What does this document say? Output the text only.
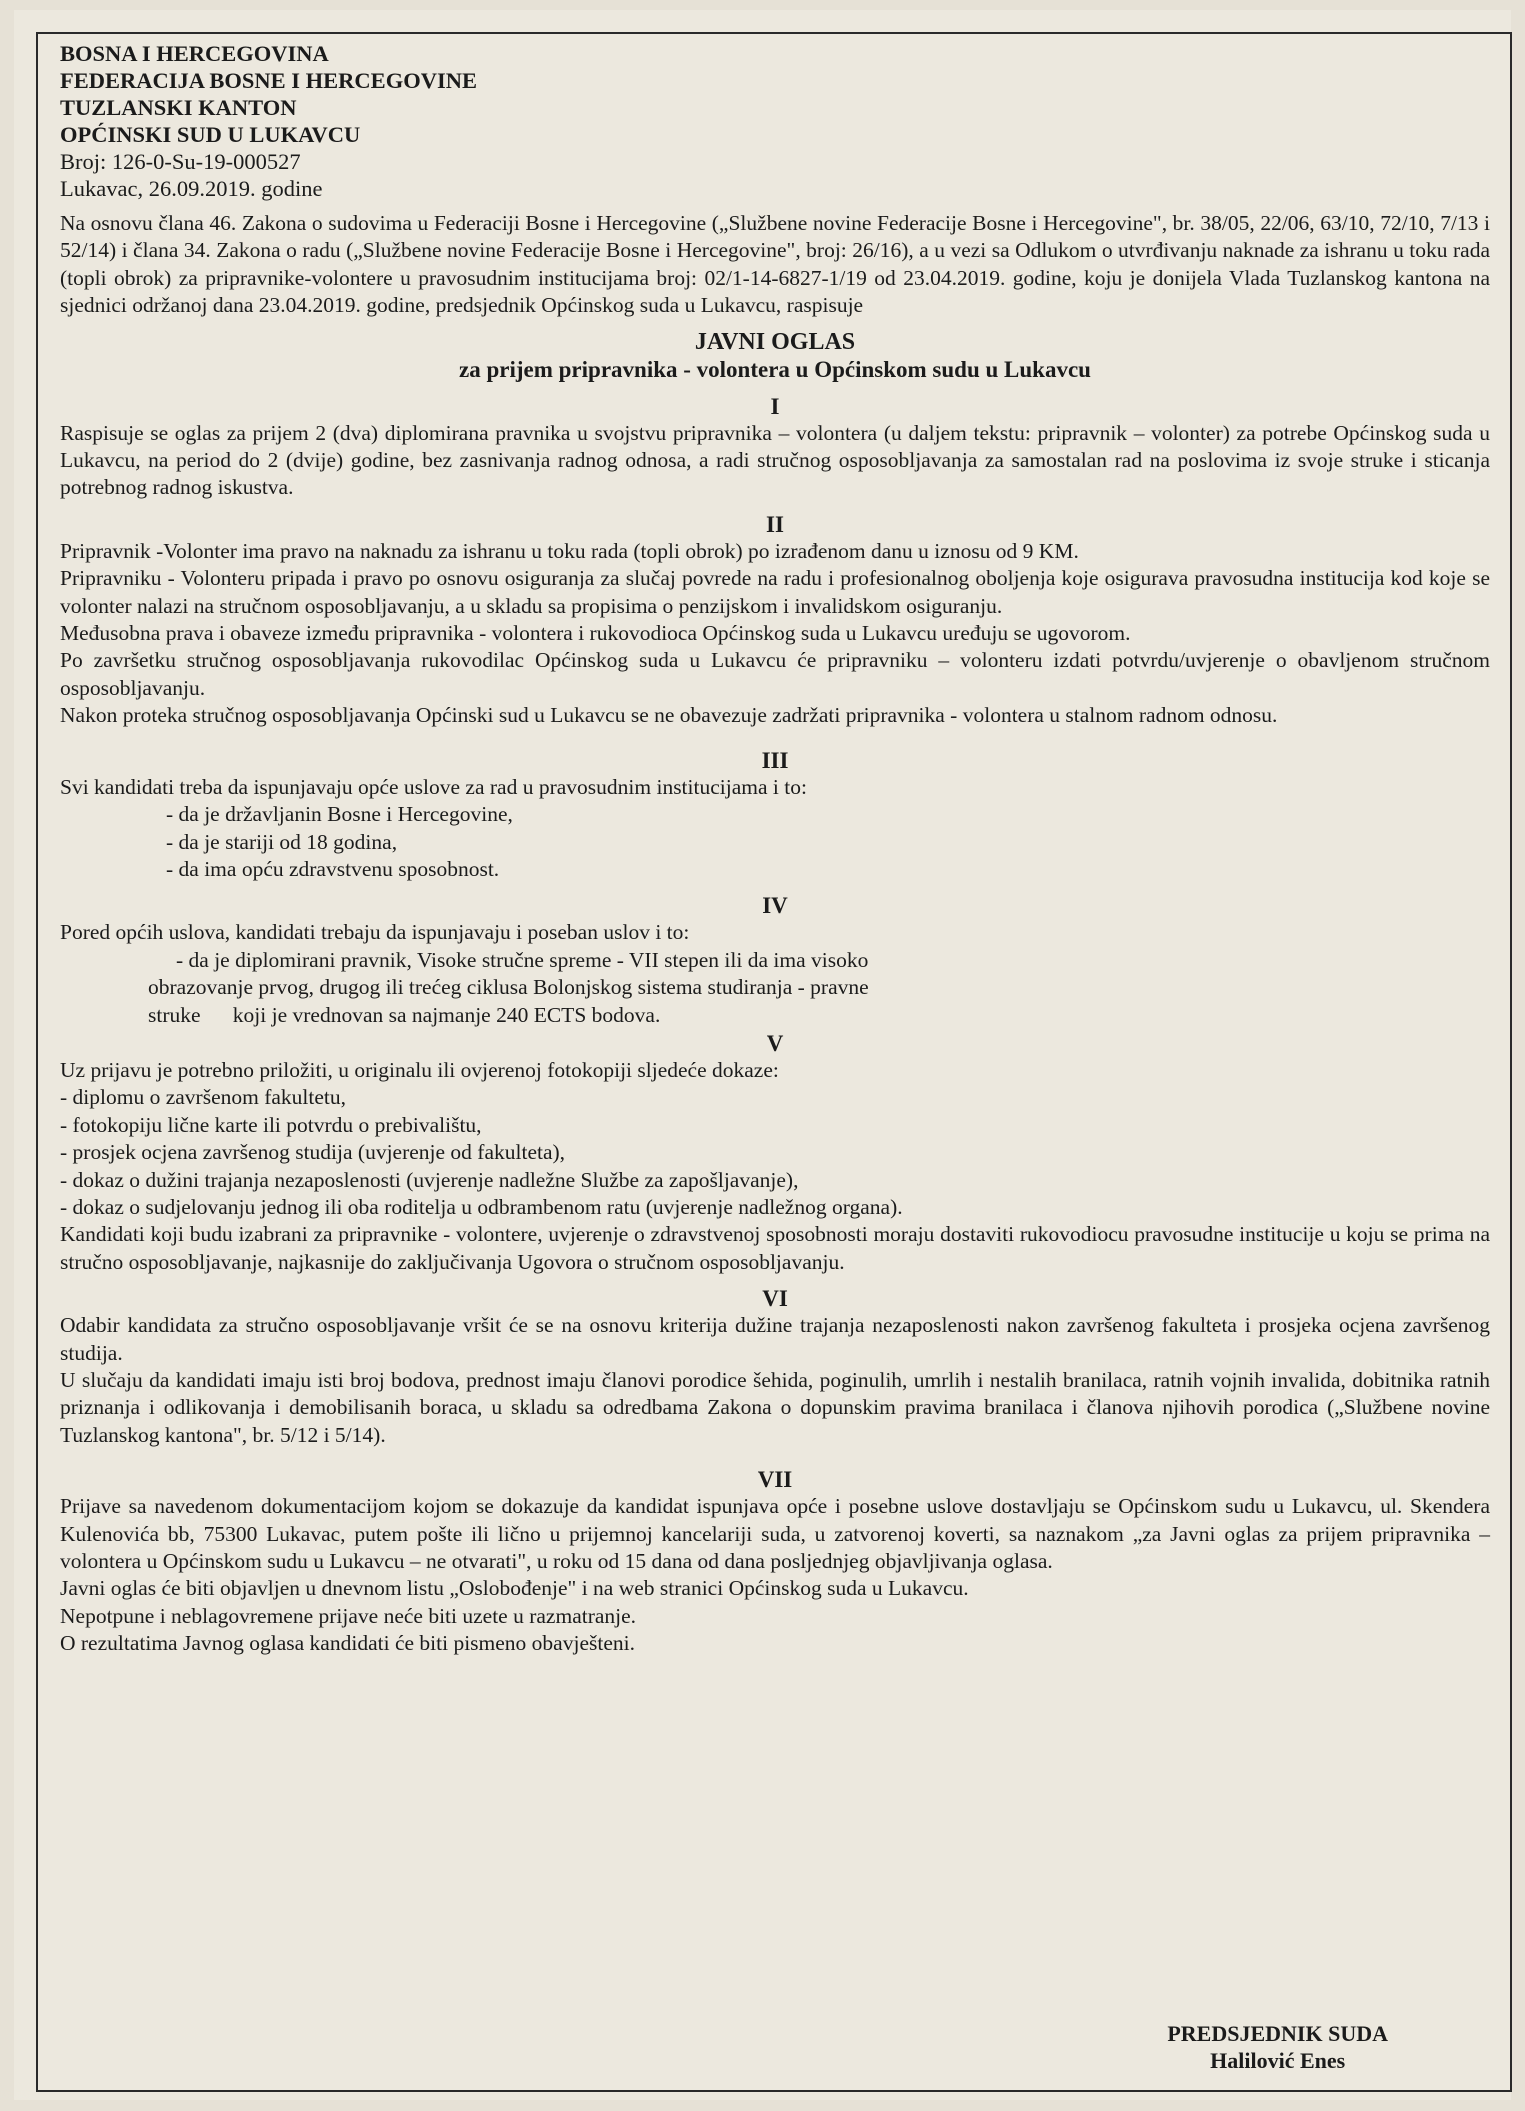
BOSNA I HERCEGOVINA

FEDERACIJA BOSNE I HERCEGOVINE

TUZLANSKI KANTON

OPĆINSKI SUD U LUKAVCU

Broj: 126-0-Su-19-000527

Lukavac, 26.09.2019. godine

Na osnovu člana 46. Zakona o sudovima u Federaciji Bosne i Hercegovine („Službene novine Federacije Bosne i Hercegovine", br. 38/05, 22/06, 63/10, 72/10, 7/13 i 52/14) i člana 34. Zakona o radu („Službene novine Federacije Bosne i Hercegovine", broj: 26/16), a u vezi sa Odlukom o utvrđivanju naknade za ishranu u toku rada (topli obrok) za pripravnike-volontere u pravosudnim institucijama broj: 02/1-14-6827-1/19 od 23.04.2019. godine, koju je donijela Vlada Tuzlanskog kantona na sjednici održanoj dana 23.04.2019. godine, predsjednik Općinskog suda u Lukavcu, raspisuje

JAVNI OGLAS

za prijem pripravnika - volontera u Općinskom sudu u Lukavcu

I

Raspisuje se oglas za prijem 2 (dva) diplomirana pravnika u svojstvu pripravnika – volontera (u daljem tekstu: pripravnik – volonter) za potrebe Općinskog suda u Lukavcu, na period do 2 (dvije) godine, bez zasnivanja radnog odnosa, a radi stručnog osposobljavanja za samostalan rad na poslovima iz svoje struke i sticanja potrebnog radnog iskustva.

II

Pripravnik -Volonter ima pravo na naknadu za ishranu u toku rada (topli obrok) po izrađenom danu u iznosu od 9 KM.

Pripravniku - Volonteru pripada i pravo po osnovu osiguranja za slučaj povrede na radu i profesionalnog oboljenja koje osigurava pravosudna institucija kod koje se volonter nalazi na stručnom osposobljavanju, a u skladu sa propisima o penzijskom i invalidskom osiguranju.

Međusobna prava i obaveze između pripravnika - volontera i rukovodioca Općinskog suda u Lukavcu uređuju se ugovorom.

Po završetku stručnog osposobljavanja rukovodilac Općinskog suda u Lukavcu će pripravniku – volonteru izdati potvrdu/uvjerenje o obavljenom stručnom osposobljavanju.

Nakon proteka stručnog osposobljavanja Općinski sud u Lukavcu se ne obavezuje zadržati pripravnika - volontera u stalnom radnom odnosu.

III

Svi kandidati treba da ispunjavaju opće uslove za rad u pravosudnim institucijama i to:

- da je državljanin Bosne i Hercegovine,

- da je stariji od 18 godina,

- da ima opću zdravstvenu sposobnost.

IV

Pored općih uslova, kandidati trebaju da ispunjavaju i poseban uslov i to:

- da je diplomirani pravnik, Visoke stručne spreme - VII stepen ili da ima visoko

obrazovanje prvog, drugog ili trećeg ciklusa Bolonjskog sistema studiranja - pravne

struke      koji je vrednovan sa najmanje 240 ECTS bodova.

V

Uz prijavu je potrebno priložiti, u originalu ili ovjerenoj fotokopiji sljedeće dokaze:

- diplomu o završenom fakultetu,

- fotokopiju lične karte ili potvrdu o prebivalištu,

- prosjek ocjena završenog studija (uvjerenje od fakulteta),

- dokaz o dužini trajanja nezaposlenosti (uvjerenje nadležne Službe za zapošljavanje),

- dokaz o sudjelovanju jednog ili oba roditelja u odbrambenom ratu (uvjerenje nadležnog organa).

Kandidati koji budu izabrani za pripravnike - volontere, uvjerenje o zdravstvenoj sposobnosti moraju dostaviti rukovodiocu pravosudne institucije u koju se prima na stručno osposobljavanje, najkasnije do zaključivanja Ugovora o stručnom osposobljavanju.

VI

Odabir kandidata za stručno osposobljavanje vršit će se na osnovu kriterija dužine trajanja nezaposlenosti nakon završenog fakulteta i prosjeka ocjena završenog studija.

U slučaju da kandidati imaju isti broj bodova, prednost imaju članovi porodice šehida, poginulih, umrlih i nestalih branilaca, ratnih vojnih invalida, dobitnika ratnih priznanja i odlikovanja i demobilisanih boraca, u skladu sa odredbama Zakona o dopunskim pravima branilaca i članova njihovih porodica („Službene novine Tuzlanskog kantona", br. 5/12 i 5/14).

VII

Prijave sa navedenom dokumentacijom kojom se dokazuje da kandidat ispunjava opće i posebne uslove dostavljaju se Općinskom sudu u Lukavcu, ul. Skendera Kulenovića bb, 75300 Lukavac, putem pošte ili lično u prijemnoj kancelariji suda, u zatvorenoj koverti, sa naznakom „za Javni oglas za prijem pripravnika – volontera u Općinskom sudu u Lukavcu – ne otvarati", u roku od 15 dana od dana posljednjeg objavljivanja oglasa.

Javni oglas će biti objavljen u dnevnom listu „Oslobođenje" i na web stranici Općinskog suda u Lukavcu.

Nepotpune i neblagovremene prijave neće biti uzete u razmatranje.

O rezultatima Javnog oglasa kandidati će biti pismeno obavješteni.

PREDSJEDNIK SUDA

Halilović Enes
